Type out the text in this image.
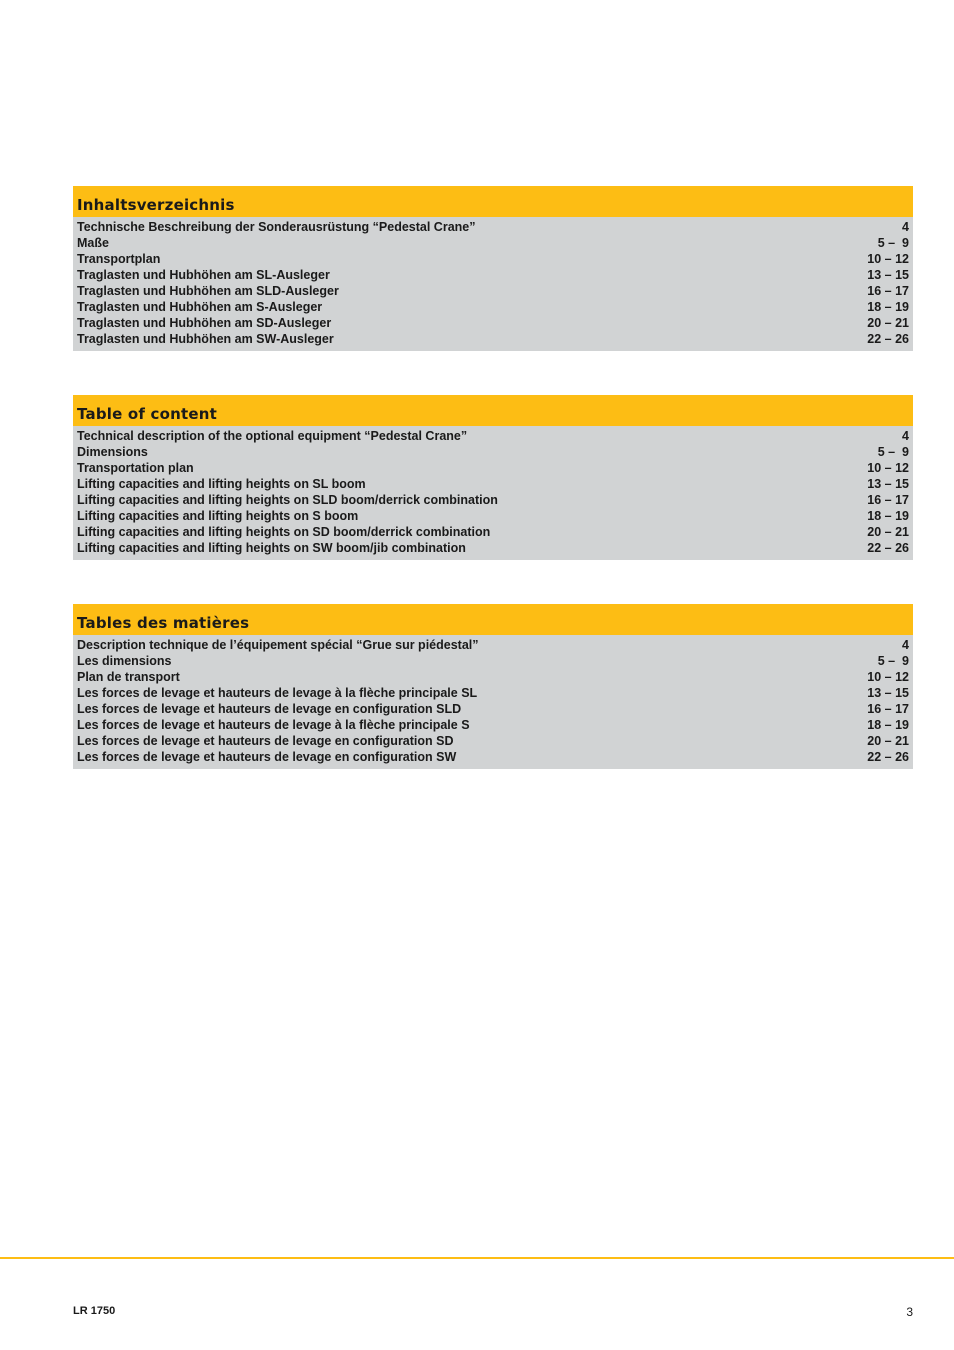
Inhaltsverzeichnis
Technische Beschreibung der Sonderausrüstung “Pedestal Crane”	4
Maße	5 –  9
Transportplan	10 – 12
Traglasten und Hubhöhen am SL-Ausleger	13 – 15
Traglasten und Hubhöhen am SLD-Ausleger	16 – 17
Traglasten und Hubhöhen am S-Ausleger	18 – 19
Traglasten und Hubhöhen am SD-Ausleger	20 – 21
Traglasten und Hubhöhen am SW-Ausleger	22 – 26
Table of content
Technical description of the optional equipment “Pedestal Crane”	4
Dimensions	5 –  9
Transportation plan	10 – 12
Lifting capacities and lifting heights on SL boom	13 – 15
Lifting capacities and lifting heights on SLD boom/derrick combination	16 – 17
Lifting capacities and lifting heights on S boom	18 – 19
Lifting capacities and lifting heights on SD boom/derrick combination	20 – 21
Lifting capacities and lifting heights on SW boom/jib combination	22 – 26
Tables des matières
Description technique de l’équipement spécial “Grue sur piédestal”	4
Les dimensions	5 –  9
Plan de transport	10 – 12
Les forces de levage et hauteurs de levage à la flèche principale SL	13 – 15
Les forces de levage et hauteurs de levage en configuration SLD	16 – 17
Les forces de levage et hauteurs de levage à la flèche principale S	18 – 19
Les forces de levage et hauteurs de levage en configuration SD	20 – 21
Les forces de levage et hauteurs de levage en configuration SW	22 – 26
LR 1750	3
